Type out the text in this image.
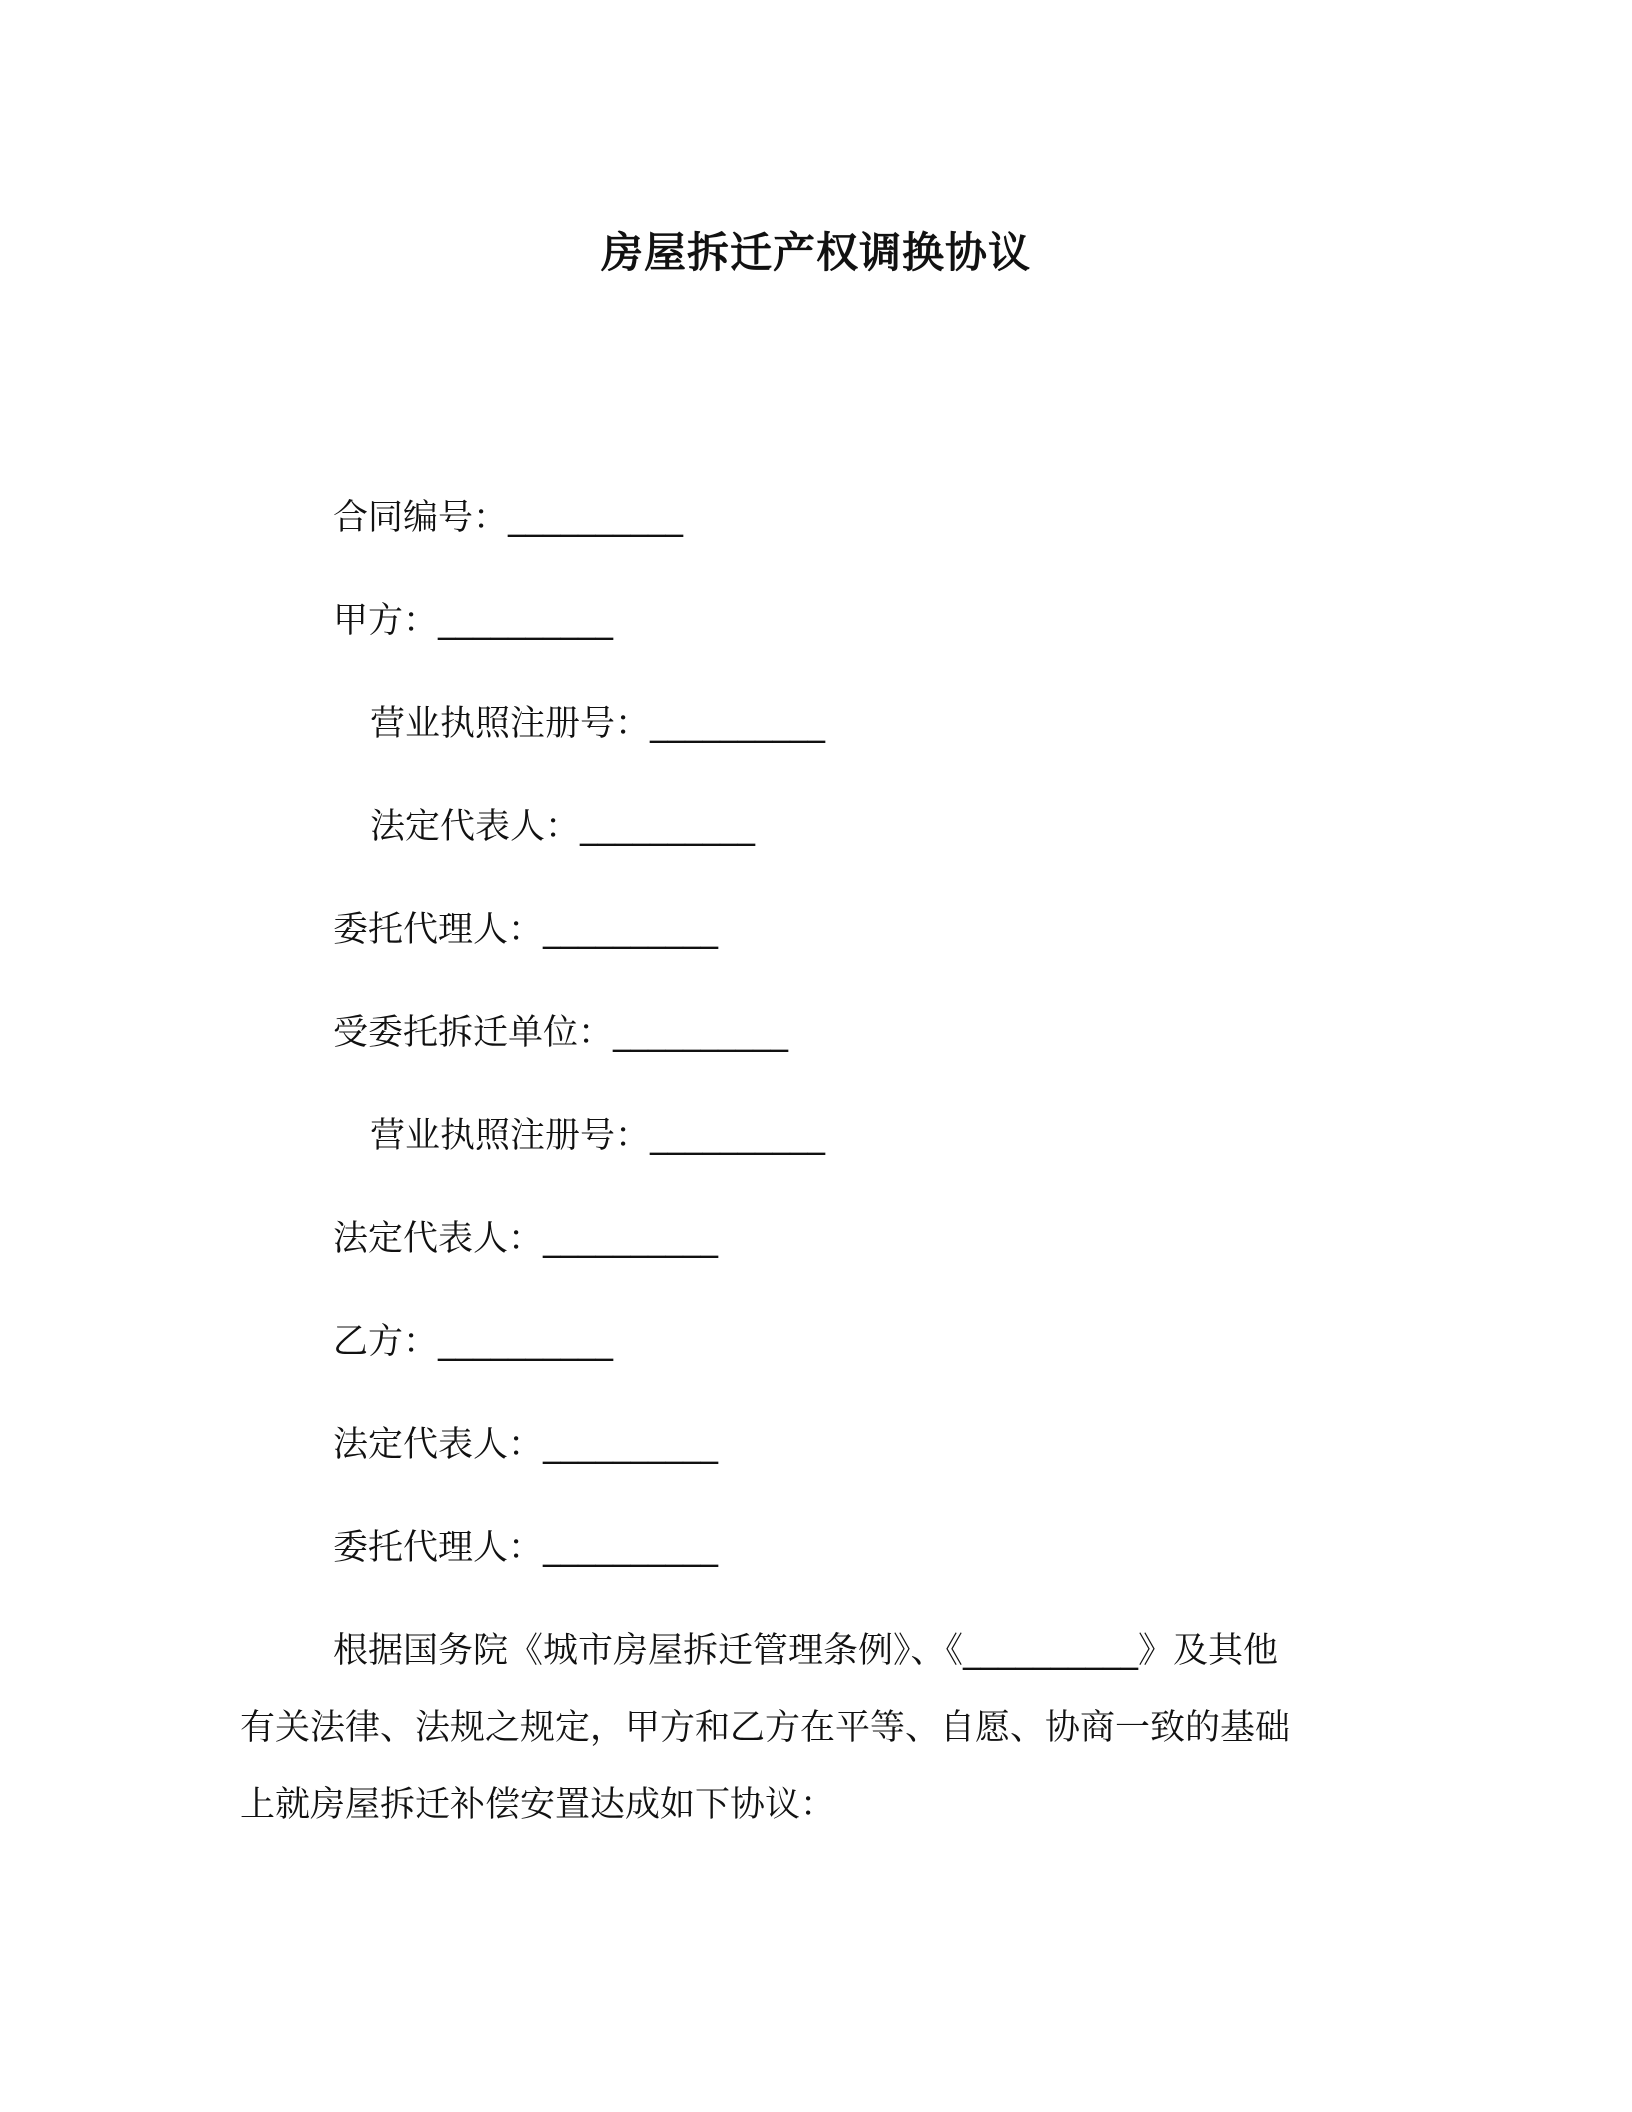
房屋拆迁产权调换协议
合同编号：__________
甲方：__________
营业执照注册号：__________
法定代表人：__________
委托代理人：__________
受委托拆迁单位：__________
营业执照注册号：__________
法定代表人：__________
乙方：__________
法定代表人：__________
委托代理人：__________
根据国务院《城市房屋拆迁管理条例》、《__________》及其他
有关法律、法规之规定，甲方和乙方在平等、自愿、协商一致的基础
上就房屋拆迁补偿安置达成如下协议：
